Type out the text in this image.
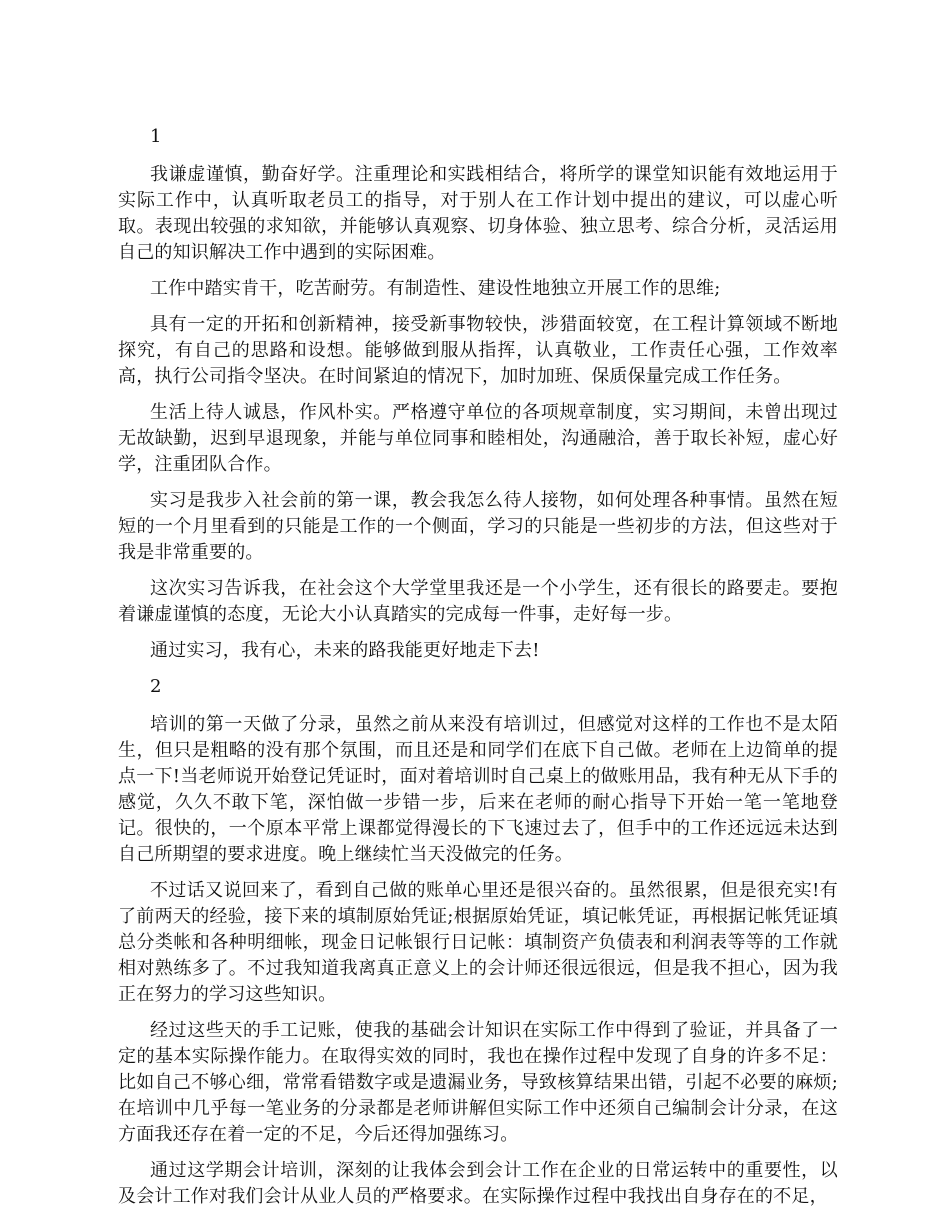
1

我谦虚谨慎，勤奋好学。注重理论和实践相结合，将所学的课堂知识能有效地运用于实际工作中，认真听取老员工的指导，对于别人在工作计划中提出的建议，可以虚心听取。表现出较强的求知欲，并能够认真观察、切身体验、独立思考、综合分析，灵活运用自己的知识解决工作中遇到的实际困难。

工作中踏实肯干，吃苦耐劳。有制造性、建设性地独立开展工作的思维;

具有一定的开拓和创新精神，接受新事物较快，涉猎面较宽，在工程计算领域不断地探究，有自己的思路和设想。能够做到服从指挥，认真敬业，工作责任心强，工作效率高，执行公司指令坚决。在时间紧迫的情况下，加时加班、保质保量完成工作任务。

生活上待人诚恳，作风朴实。严格遵守单位的各项规章制度，实习期间，未曾出现过无故缺勤，迟到早退现象，并能与单位同事和睦相处，沟通融洽，善于取长补短，虚心好学，注重团队合作。

实习是我步入社会前的第一课，教会我怎么待人接物，如何处理各种事情。虽然在短短的一个月里看到的只能是工作的一个侧面，学习的只能是一些初步的方法，但这些对于我是非常重要的。

这次实习告诉我，在社会这个大学堂里我还是一个小学生，还有很长的路要走。要抱着谦虚谨慎的态度，无论大小认真踏实的完成每一件事，走好每一步。

通过实习，我有心，未来的路我能更好地走下去!

2

培训的第一天做了分录，虽然之前从来没有培训过，但感觉对这样的工作也不是太陌生，但只是粗略的没有那个氛围，而且还是和同学们在底下自己做。老师在上边简单的提点一下!当老师说开始登记凭证时，面对着培训时自己桌上的做账用品，我有种无从下手的感觉，久久不敢下笔，深怕做一步错一步，后来在老师的耐心指导下开始一笔一笔地登记。很快的，一个原本平常上课都觉得漫长的下飞速过去了，但手中的工作还远远未达到自己所期望的要求进度。晚上继续忙当天没做完的任务。

不过话又说回来了，看到自己做的账单心里还是很兴奋的。虽然很累，但是很充实!有了前两天的经验，接下来的填制原始凭证;根据原始凭证，填记帐凭证，再根据记帐凭证填总分类帐和各种明细帐，现金日记帐银行日记帐：填制资产负债表和利润表等等的工作就相对熟练多了。不过我知道我离真正意义上的会计师还很远很远，但是我不担心，因为我正在努力的学习这些知识。

经过这些天的手工记账，使我的基础会计知识在实际工作中得到了验证，并具备了一定的基本实际操作能力。在取得实效的同时，我也在操作过程中发现了自身的许多不足：比如自己不够心细，常常看错数字或是遗漏业务，导致核算结果出错，引起不必要的麻烦;在培训中几乎每一笔业务的分录都是老师讲解但实际工作中还须自己编制会计分录，在这方面我还存在着一定的不足，今后还得加强练习。

通过这学期会计培训，深刻的让我体会到会计工作在企业的日常运转中的重要性，以及会计工作对我们会计从业人员的严格要求。在实际操作过程中我找出自身存在的不足，
